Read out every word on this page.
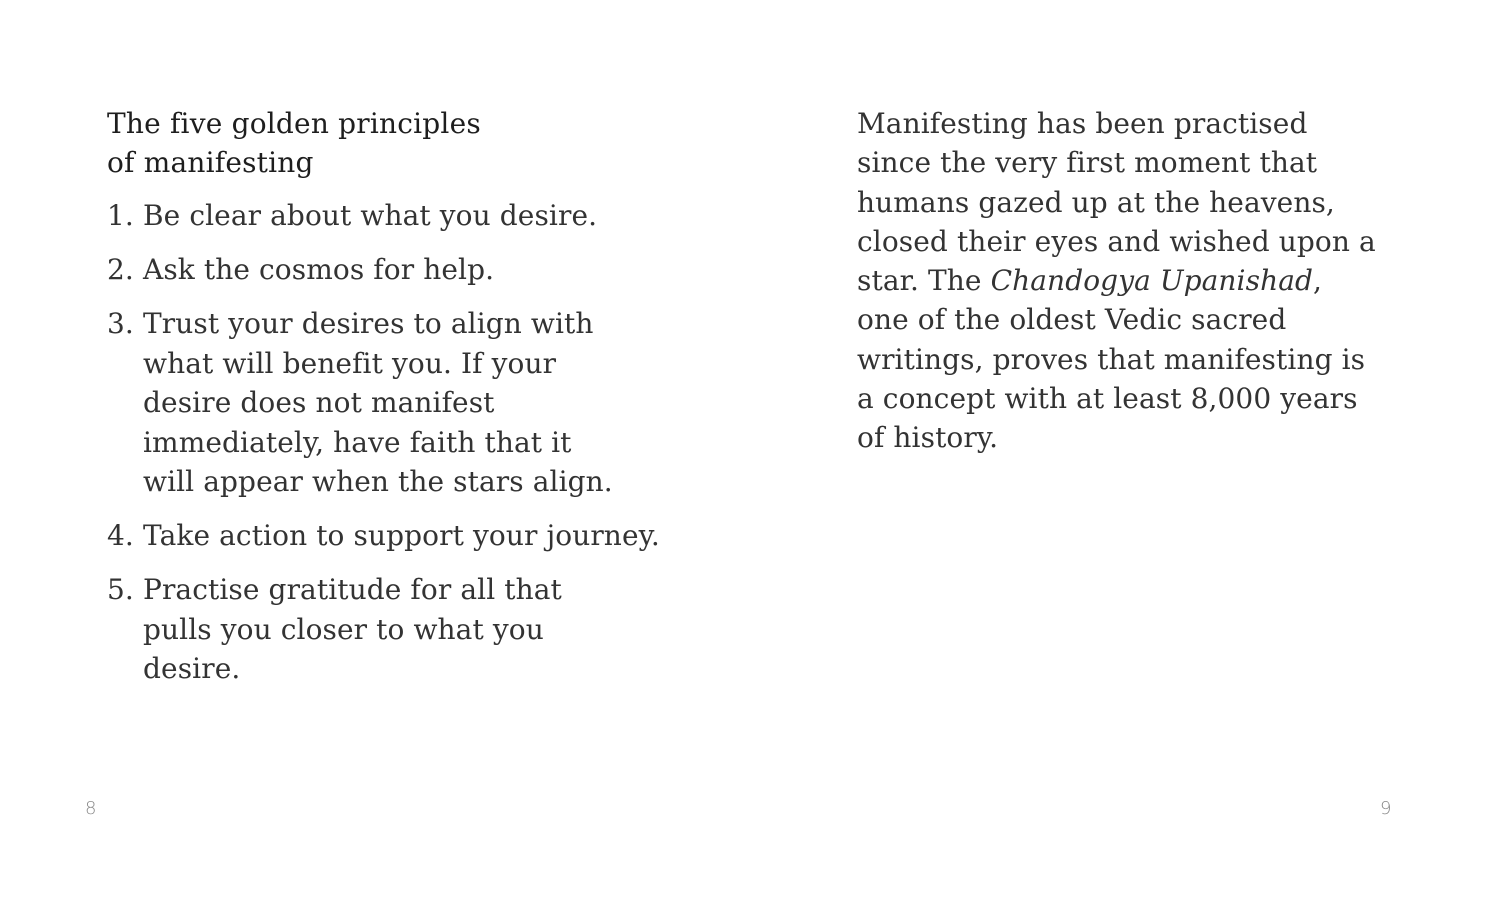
The five golden principles
of manifesting
1. Be clear about what you desire.
2. Ask the cosmos for help.
3. Trust your desires to align with what will benefit you. If your desire does not manifest immediately, have faith that it will appear when the stars align.
4. Take action to support your journey.
5. Practise gratitude for all that pulls you closer to what you desire.
8

Manifesting has been practised since the very first moment that humans gazed up at the heavens, closed their eyes and wished upon a star. The Chandogya Upanishad, one of the oldest Vedic sacred writings, proves that manifesting is a concept with at least 8,000 years of history.

9
